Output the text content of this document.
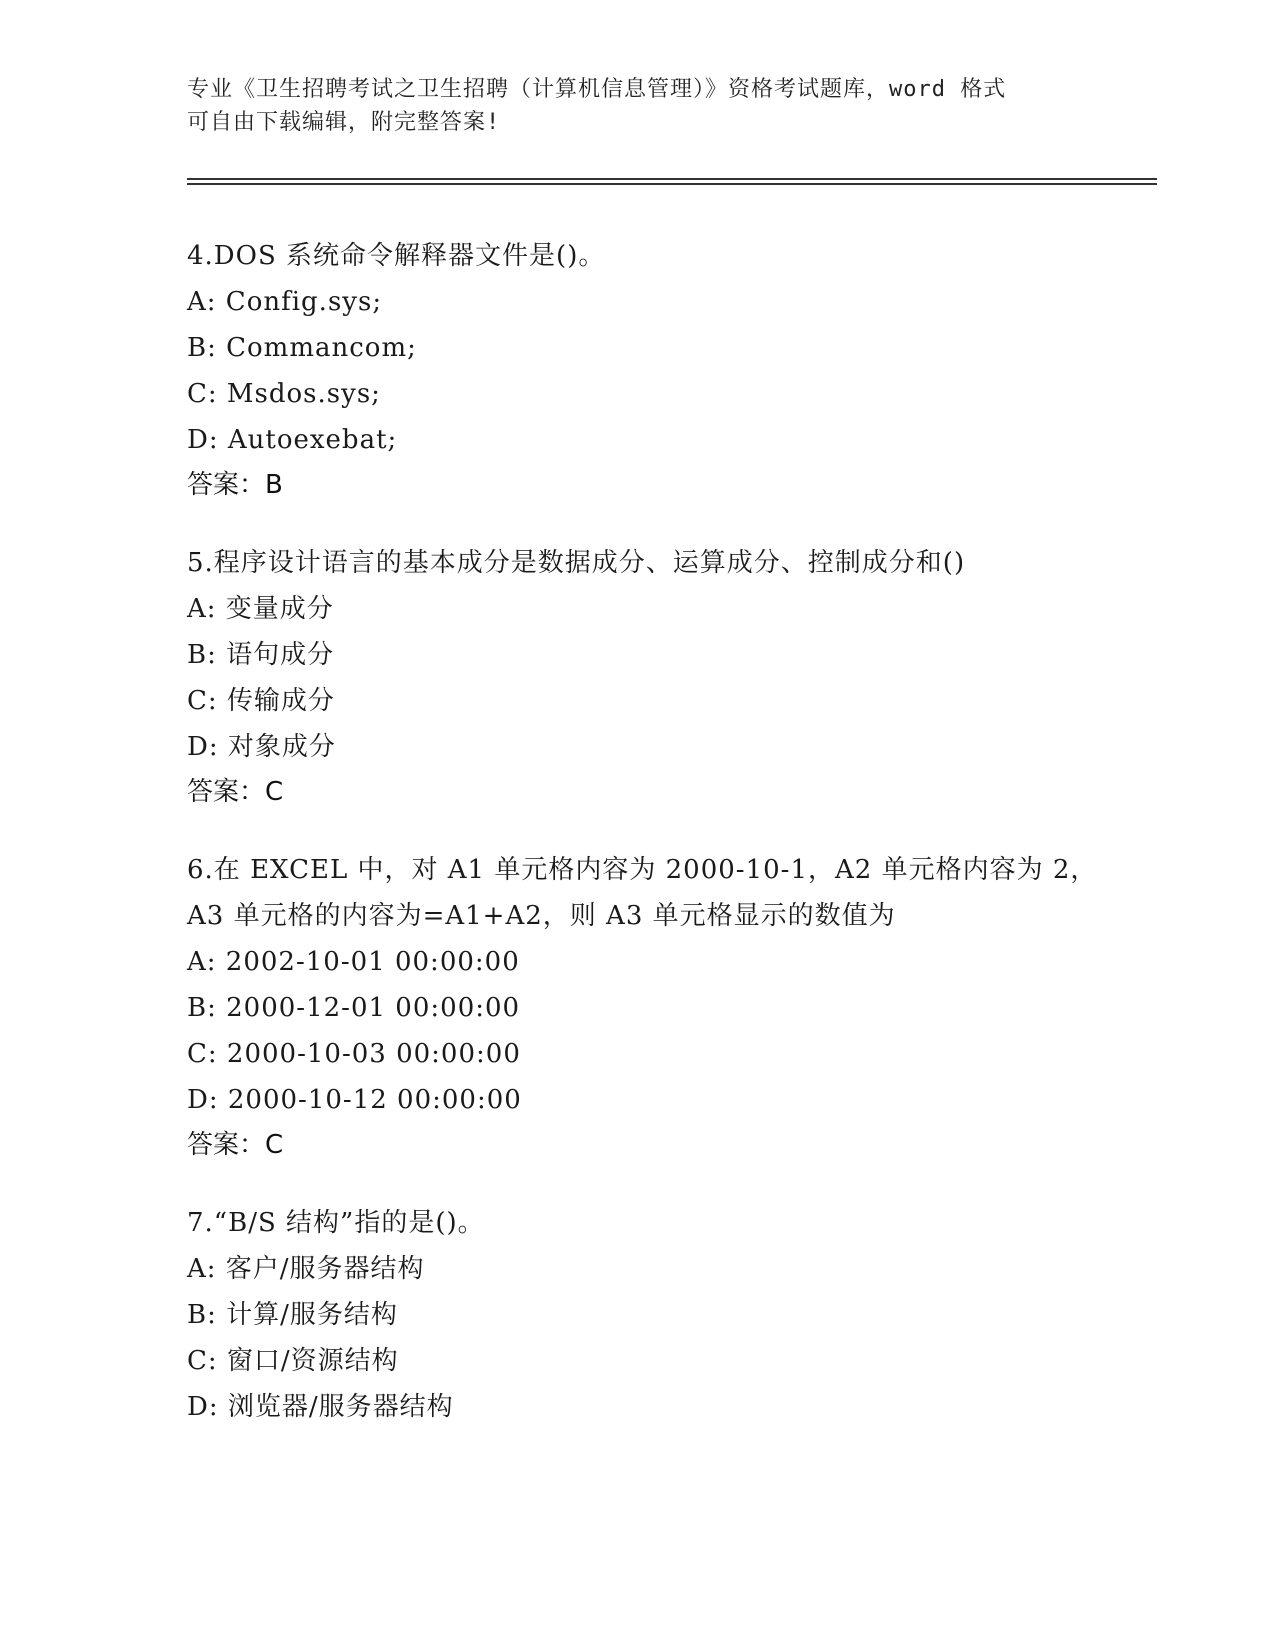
专业《卫生招聘考试之卫生招聘（计算机信息管理）》资格考试题库，word 格式
可自由下载编辑，附完整答案!
4.DOS 系统命令解释器文件是()。
A: Config.sys;
B: Commancom;
C: Msdos.sys;
D: Autoexebat;
答案：B
5.程序设计语言的基本成分是数据成分、运算成分、控制成分和()
A: 变量成分
B: 语句成分
C: 传输成分
D: 对象成分
答案：C
6.在 EXCEL 中，对 A1 单元格内容为 2000-10-1，A2 单元格内容为 2，
A3 单元格的内容为=A1+A2，则 A3 单元格显示的数值为
A: 2002-10-01 00:00:00
B: 2000-12-01 00:00:00
C: 2000-10-03 00:00:00
D: 2000-10-12 00:00:00
答案：C
7.“B/S 结构”指的是()。
A: 客户/服务器结构
B: 计算/服务结构
C: 窗口/资源结构
D: 浏览器/服务器结构
